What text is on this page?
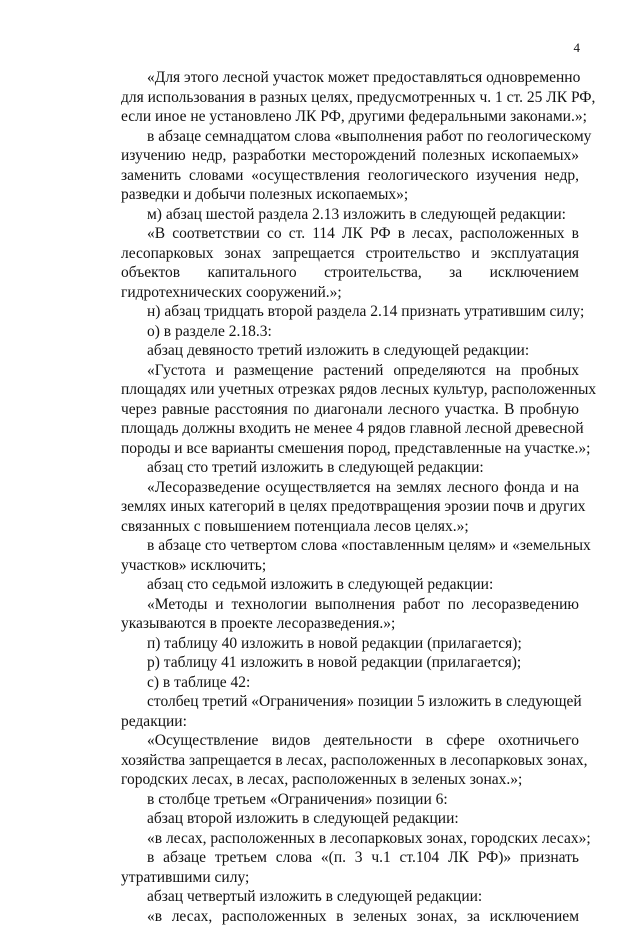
4
«Для этого лесной участок может предоставляться одновременно
для использования в разных целях, предусмотренных ч. 1 ст. 25 ЛК РФ,
если иное не установлено ЛК РФ, другими федеральными законами.»;
в абзаце семнадцатом слова «выполнения работ по геологическому
изучению недр, разработки месторождений полезных ископаемых»
заменить словами «осуществления геологического изучения недр,
разведки и добычи полезных ископаемых»;
м) абзац шестой раздела 2.13 изложить в следующей редакции:
«В соответствии со ст. 114 ЛК РФ в лесах, расположенных в
лесопарковых зонах запрещается строительство и эксплуатация
объектов капитального строительства, за исключением
гидротехнических сооружений.»;
н) абзац тридцать второй раздела 2.14 признать утратившим силу;
о) в разделе 2.18.3:
абзац девяносто третий изложить в следующей редакции:
«Густота и размещение растений определяются на пробных
площадях или учетных отрезках рядов лесных культур, расположенных
через равные расстояния по диагонали лесного участка. В пробную
площадь должны входить не менее 4 рядов главной лесной древесной
породы и все варианты смешения пород, представленные на участке.»;
абзац сто третий изложить в следующей редакции:
«Лесоразведение осуществляется на землях лесного фонда и на
землях иных категорий в целях предотвращения эрозии почв и других
связанных с повышением потенциала лесов целях.»;
в абзаце сто четвертом слова «поставленным целям» и «земельных
участков» исключить;
абзац сто седьмой изложить в следующей редакции:
«Методы и технологии выполнения работ по лесоразведению
указываются в проекте лесоразведения.»;
п) таблицу 40 изложить в новой редакции (прилагается);
р) таблицу 41 изложить в новой редакции (прилагается);
с) в таблице 42:
столбец третий «Ограничения» позиции 5 изложить в следующей
редакции:
«Осуществление видов деятельности в сфере охотничьего
хозяйства запрещается в лесах, расположенных в лесопарковых зонах,
городских лесах, в лесах, расположенных в зеленых зонах.»;
в столбце третьем «Ограничения» позиции 6:
абзац второй изложить в следующей редакции:
«в лесах, расположенных в лесопарковых зонах, городских лесах»;
в абзаце третьем слова «(п. 3 ч.1 ст.104 ЛК РФ)» признать
утратившими силу;
абзац четвертый изложить в следующей редакции:
«в лесах, расположенных в зеленых зонах, за исключением
